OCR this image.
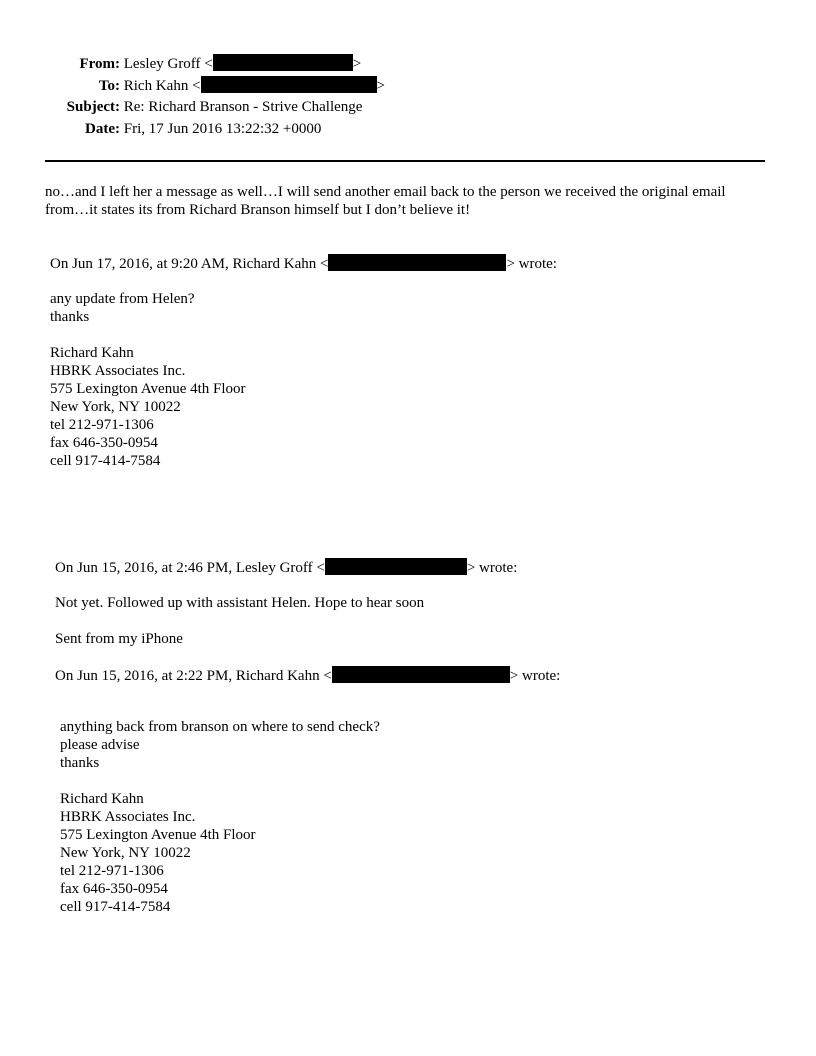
From: Lesley Groff <	>
To: Rich Kahn <	>
Subject: Re: Richard Branson - Strive Challenge
Date: Fri, 17 Jun 2016 13:22:32 +0000
no…and I left her a message as well…I will send another email back to the person we received the original email
from…it states its from Richard Branson himself but I don’t believe it!
On Jun 17, 2016, at 9:20 AM, Richard Kahn <	> wrote:
any update from Helen?
thanks
Richard Kahn
HBRK Associates Inc.
575 Lexington Avenue 4th Floor
New York, NY 10022
tel 212-971-1306
fax 646-350-0954
cell 917-414-7584
On Jun 15, 2016, at 2:46 PM, Lesley Groff <	> wrote:
Not yet. Followed up with assistant Helen. Hope to hear soon
Sent from my iPhone
On Jun 15, 2016, at 2:22 PM, Richard Kahn <	> wrote:
anything back from branson on where to send check?
please advise
thanks
Richard Kahn
HBRK Associates Inc.
575 Lexington Avenue 4th Floor
New York, NY 10022
tel 212-971-1306
fax 646-350-0954
cell 917-414-7584
